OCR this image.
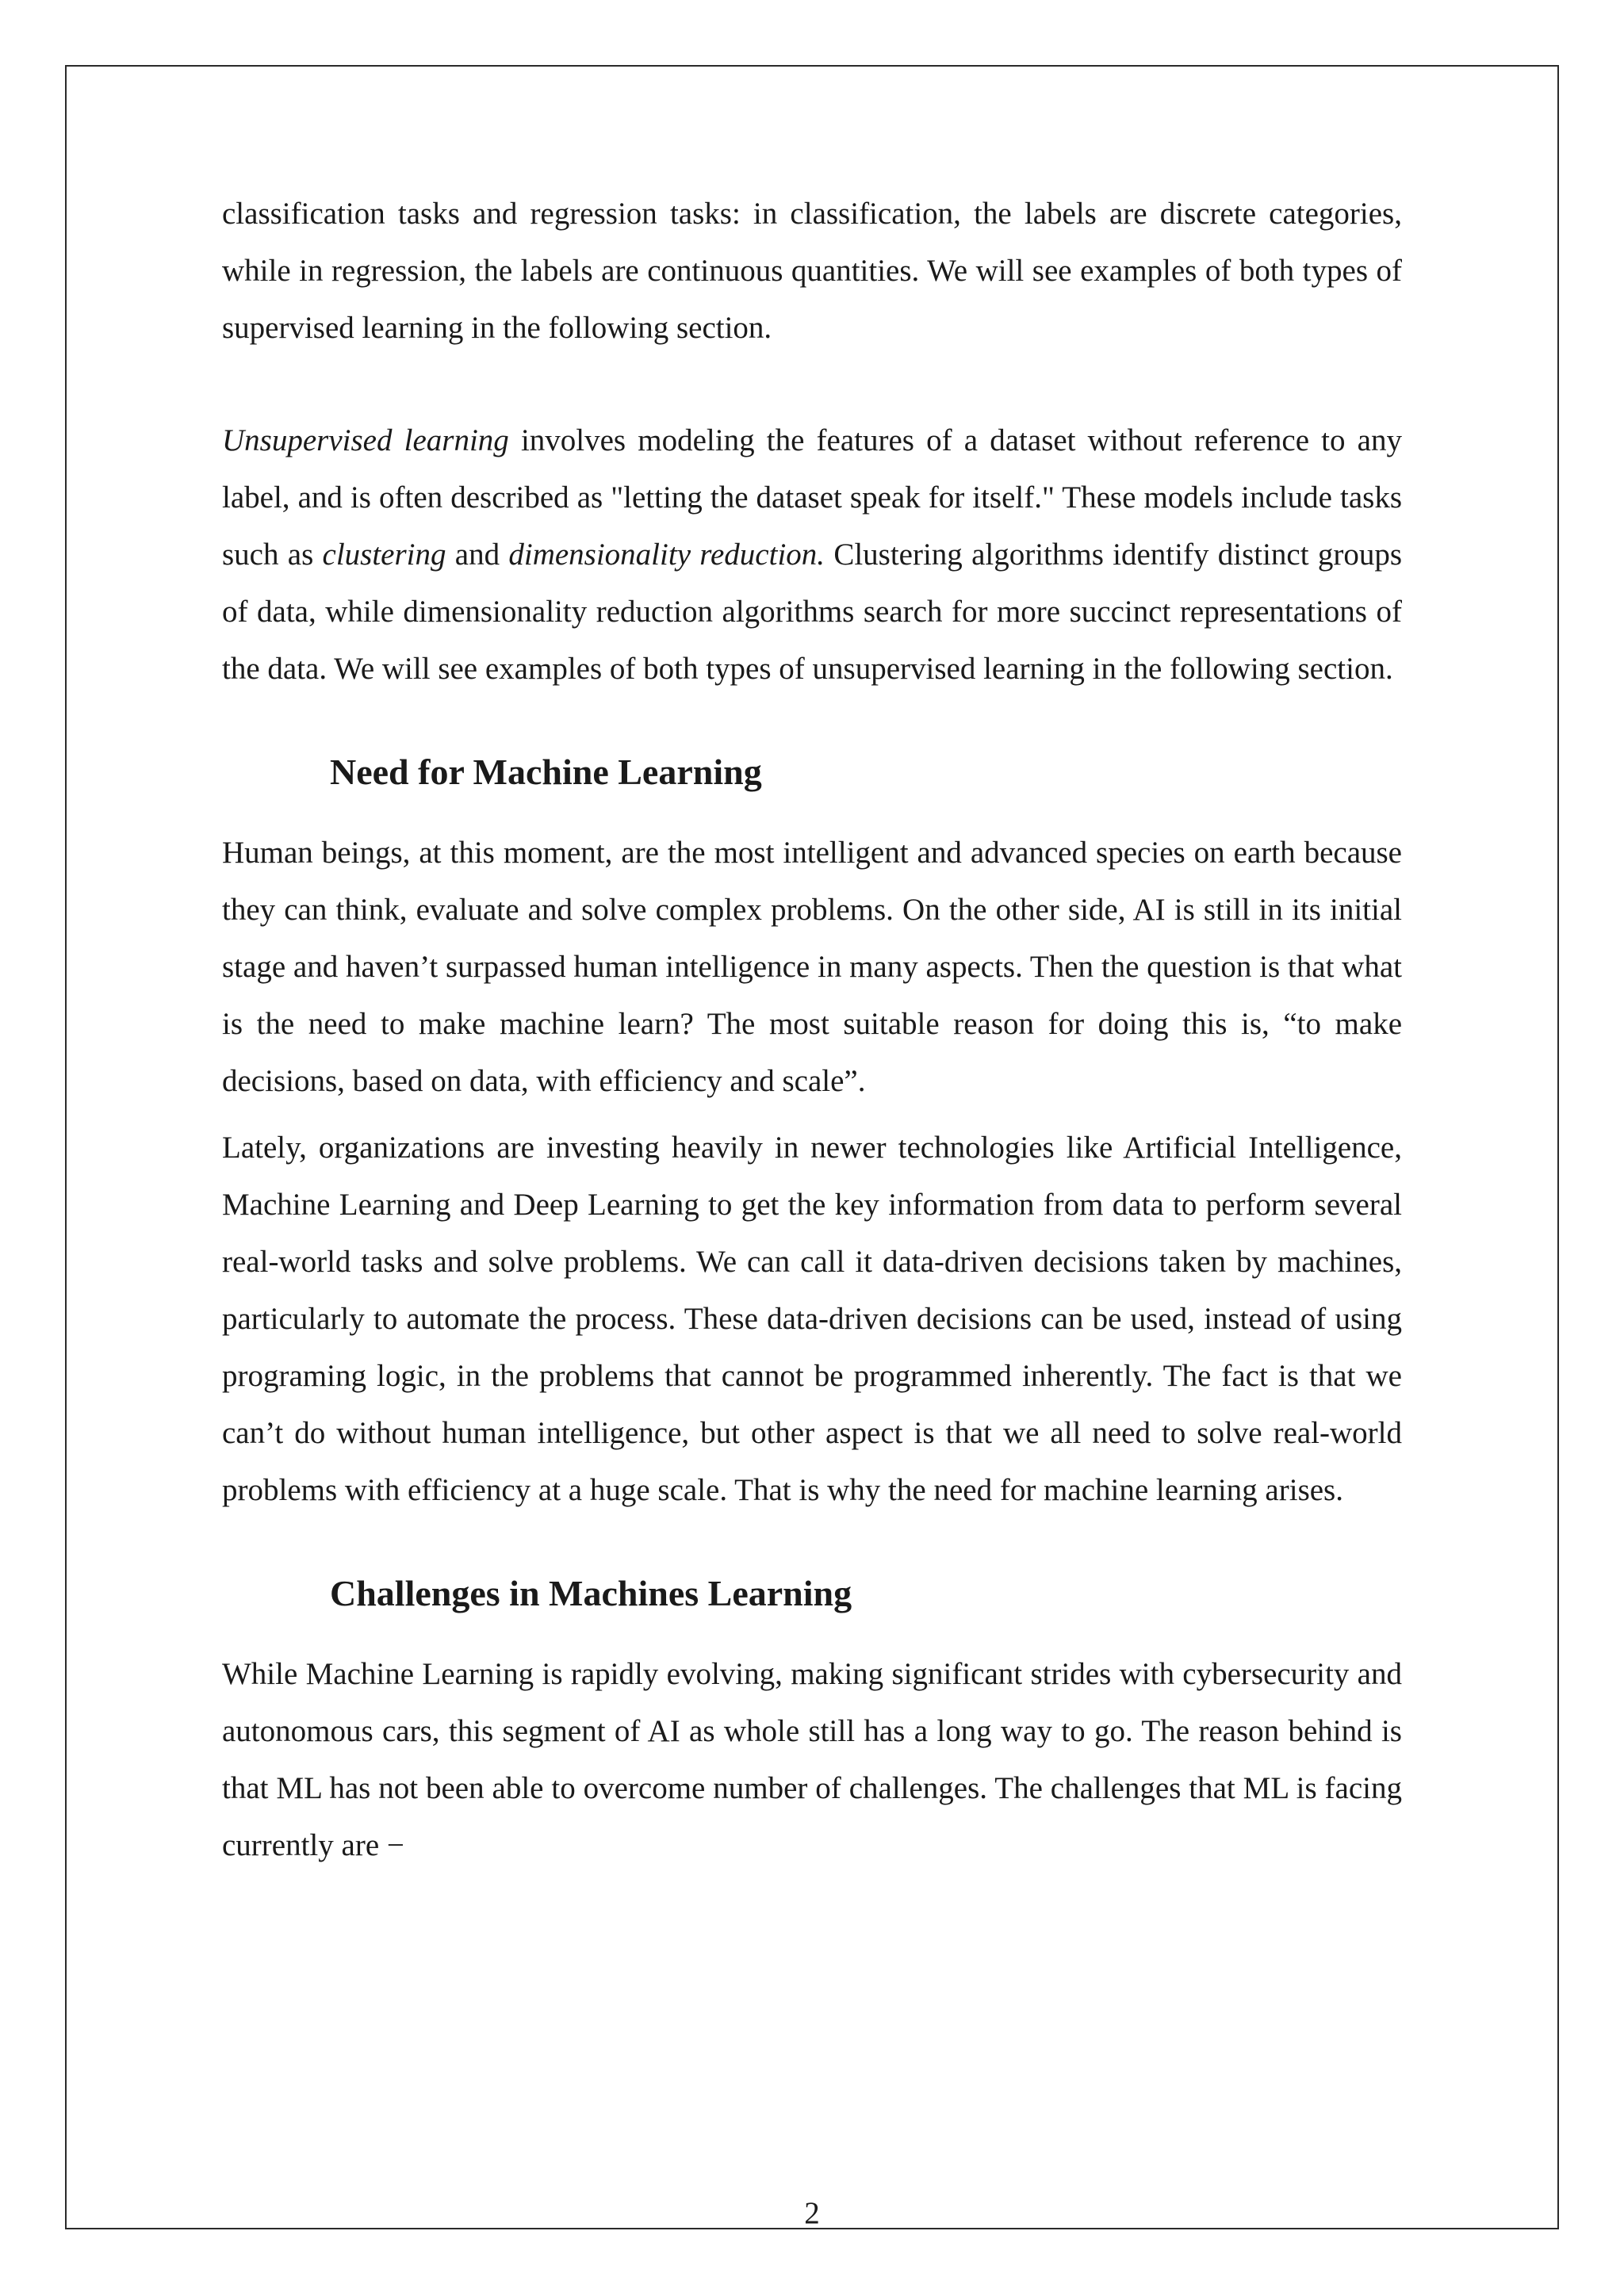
classification tasks and regression tasks: in classification, the labels are discrete categories, while in regression, the labels are continuous quantities. We will see examples of both types of supervised learning in the following section.

Unsupervised learning involves modeling the features of a dataset without reference to any label, and is often described as "letting the dataset speak for itself." These models include tasks such as clustering and dimensionality reduction. Clustering algorithms identify distinct groups of data, while dimensionality reduction algorithms search for more succinct representations of the data. We will see examples of both types of unsupervised learning in the following section.

Need for Machine Learning

Human beings, at this moment, are the most intelligent and advanced species on earth because they can think, evaluate and solve complex problems. On the other side, AI is still in its initial stage and haven’t surpassed human intelligence in many aspects. Then the question is that what is the need to make machine learn? The most suitable reason for doing this is, “to make decisions, based on data, with efficiency and scale”.

Lately, organizations are investing heavily in newer technologies like Artificial Intelligence, Machine Learning and Deep Learning to get the key information from data to perform several real-world tasks and solve problems. We can call it data-driven decisions taken by machines, particularly to automate the process. These data-driven decisions can be used, instead of using programing logic, in the problems that cannot be programmed inherently. The fact is that we can’t do without human intelligence, but other aspect is that we all need to solve real-world problems with efficiency at a huge scale. That is why the need for machine learning arises.

Challenges in Machines Learning

While Machine Learning is rapidly evolving, making significant strides with cybersecurity and autonomous cars, this segment of AI as whole still has a long way to go. The reason behind is that ML has not been able to overcome number of challenges. The challenges that ML is facing currently are −

2
